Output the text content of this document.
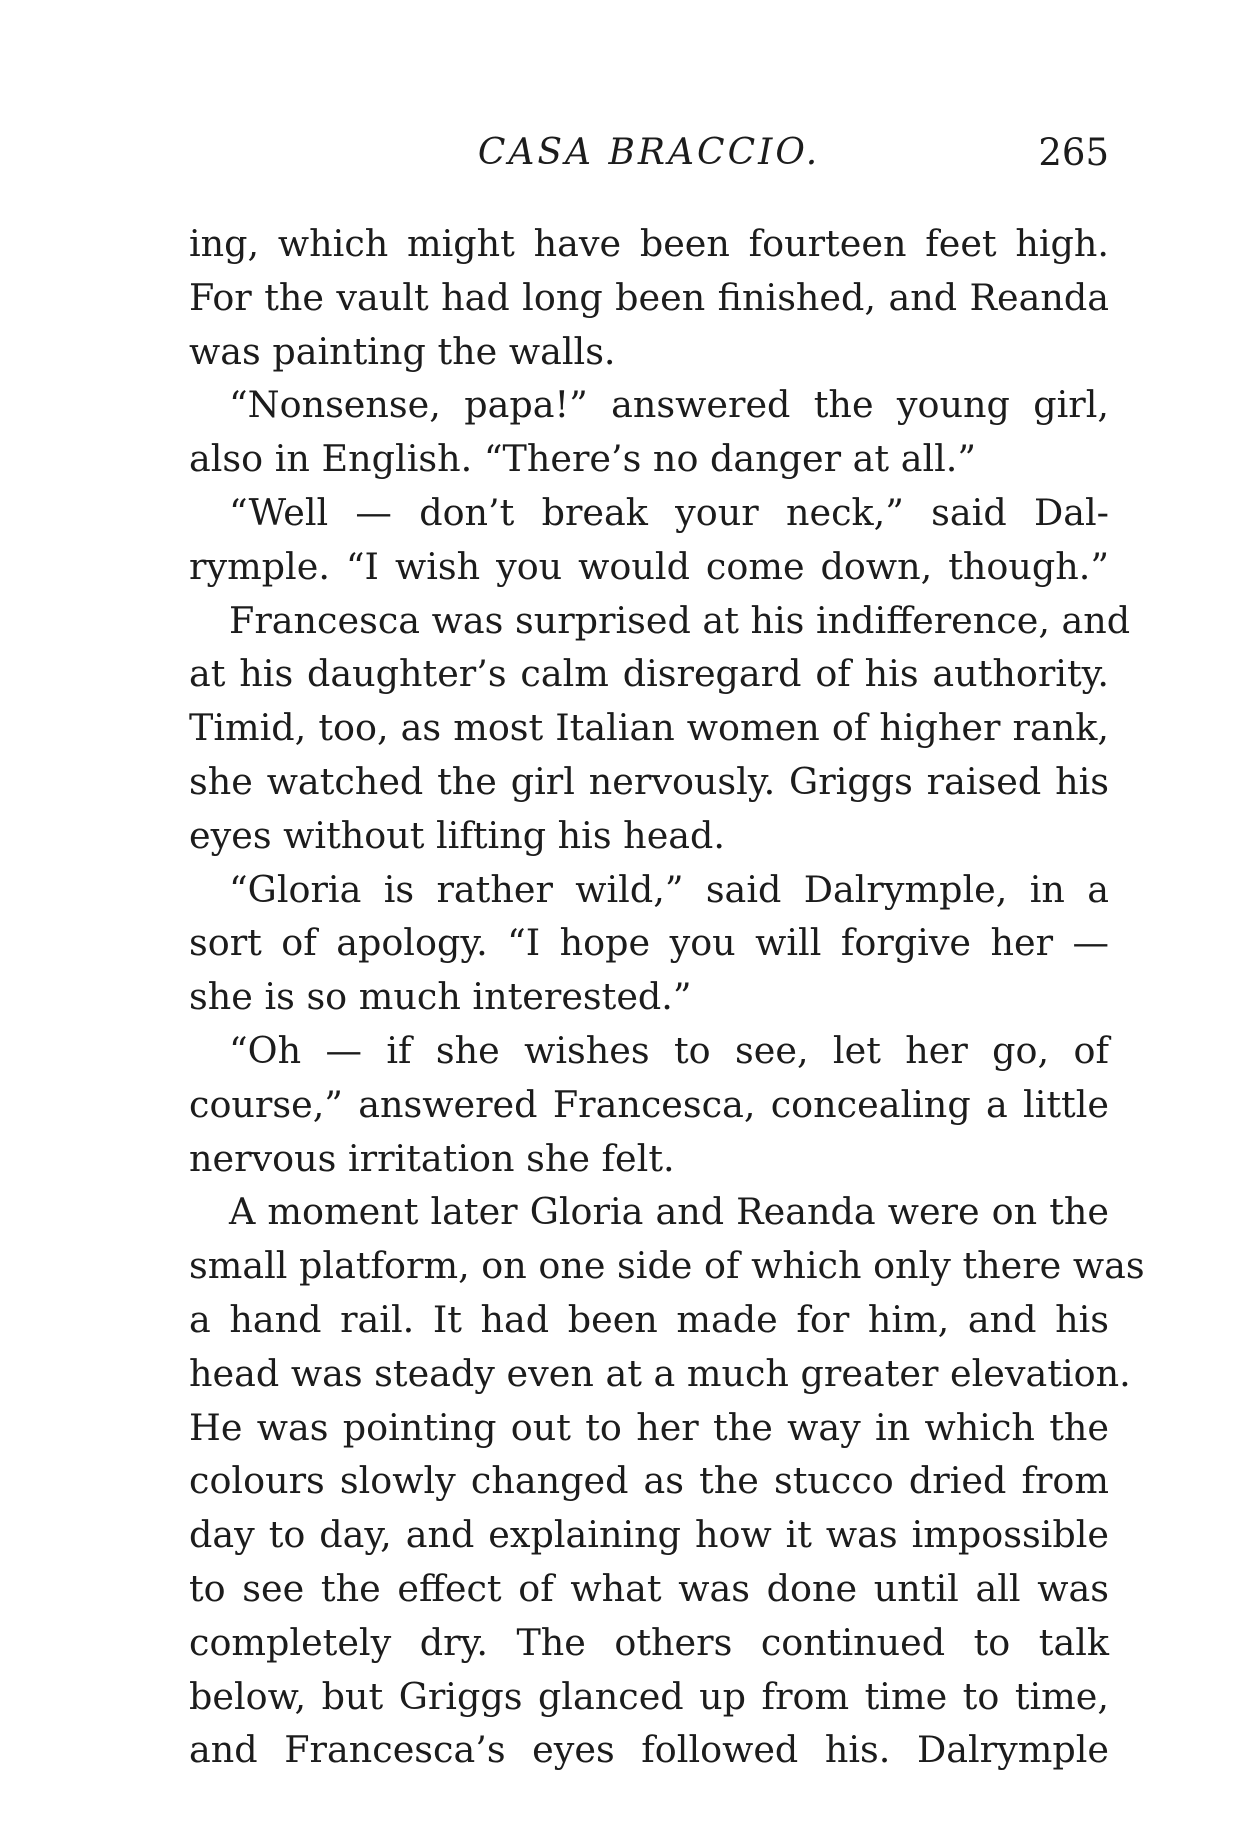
CASA BRACCIO.	265
ing, which might have been fourteen feet high.
For the vault had long been finished, and Reanda
was painting the walls.
“Nonsense, papa!” answered the young girl,
also in English. “There’s no danger at all.”
“Well — don’t break your neck,” said Dal-
rymple. “I wish you would come down, though.”
Francesca was surprised at his indifference, and
at his daughter’s calm disregard of his authority.
Timid, too, as most Italian women of higher rank,
she watched the girl nervously. Griggs raised his
eyes without lifting his head.
“Gloria is rather wild,” said Dalrymple, in a
sort of apology. “I hope you will forgive her —
she is so much interested.”
“Oh — if she wishes to see, let her go, of
course,” answered Francesca, concealing a little
nervous irritation she felt.
A moment later Gloria and Reanda were on the
small platform, on one side of which only there was
a hand rail. It had been made for him, and his
head was steady even at a much greater elevation.
He was pointing out to her the way in which the
colours slowly changed as the stucco dried from
day to day, and explaining how it was impossible
to see the effect of what was done until all was
completely dry. The others continued to talk
below, but Griggs glanced up from time to time,
and Francesca’s eyes followed his. Dalrymple
